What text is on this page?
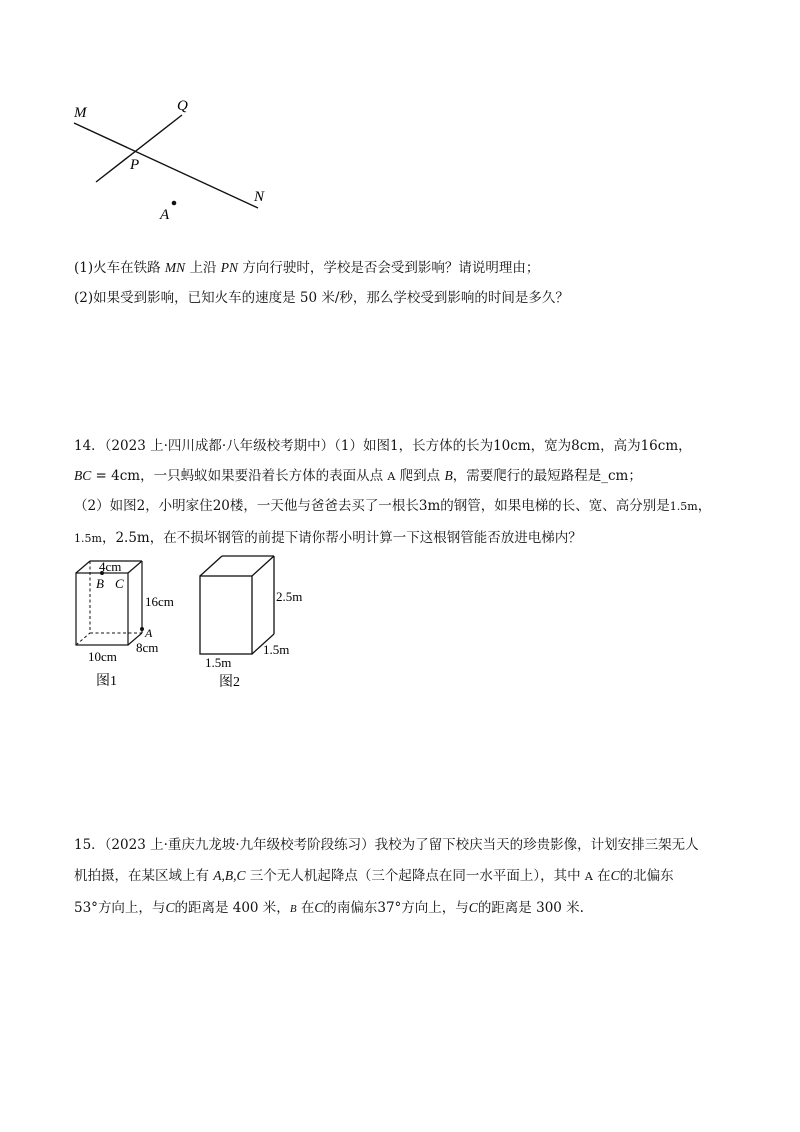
M	Q
P
N
A
(1)火车在铁路 MN 上沿 PN 方向行驶时，学校是否会受到影响？请说明理由；
(2)如果受到影响，已知火车的速度是 50 米/秒，那么学校受到影响的时间是多久？
14．（2023 上·四川成都·八年级校考期中）（1）如图1，长方体的长为10cm，宽为8cm，高为16cm，
BC = 4cm，一只蚂蚁如果要沿着长方体的表面从点 A 爬到点 B，需要爬行的最短路程是_cm；
（2）如图2，小明家住20楼，一天他与爸爸去买了一根长3m的钢管，如果电梯的长、宽、高分别是1.5m，
1.5m，2.5m，在不损坏钢管的前提下请你帮小明计算一下这根钢管能否放进电梯内？
4cm
B C
16cm
A
8cm
10cm
图1
2.5m
1.5m
1.5m
图2
15．（2023 上·重庆九龙坡·九年级校考阶段练习）我校为了留下校庆当天的珍贵影像，计划安排三架无人
机拍摄，在某区域上有 A,B,C 三个无人机起降点（三个起降点在同一水平面上），其中 A 在C的北偏东
53°方向上，与C的距离是 400 米，B 在C的南偏东37°方向上，与C的距离是 300 米.
